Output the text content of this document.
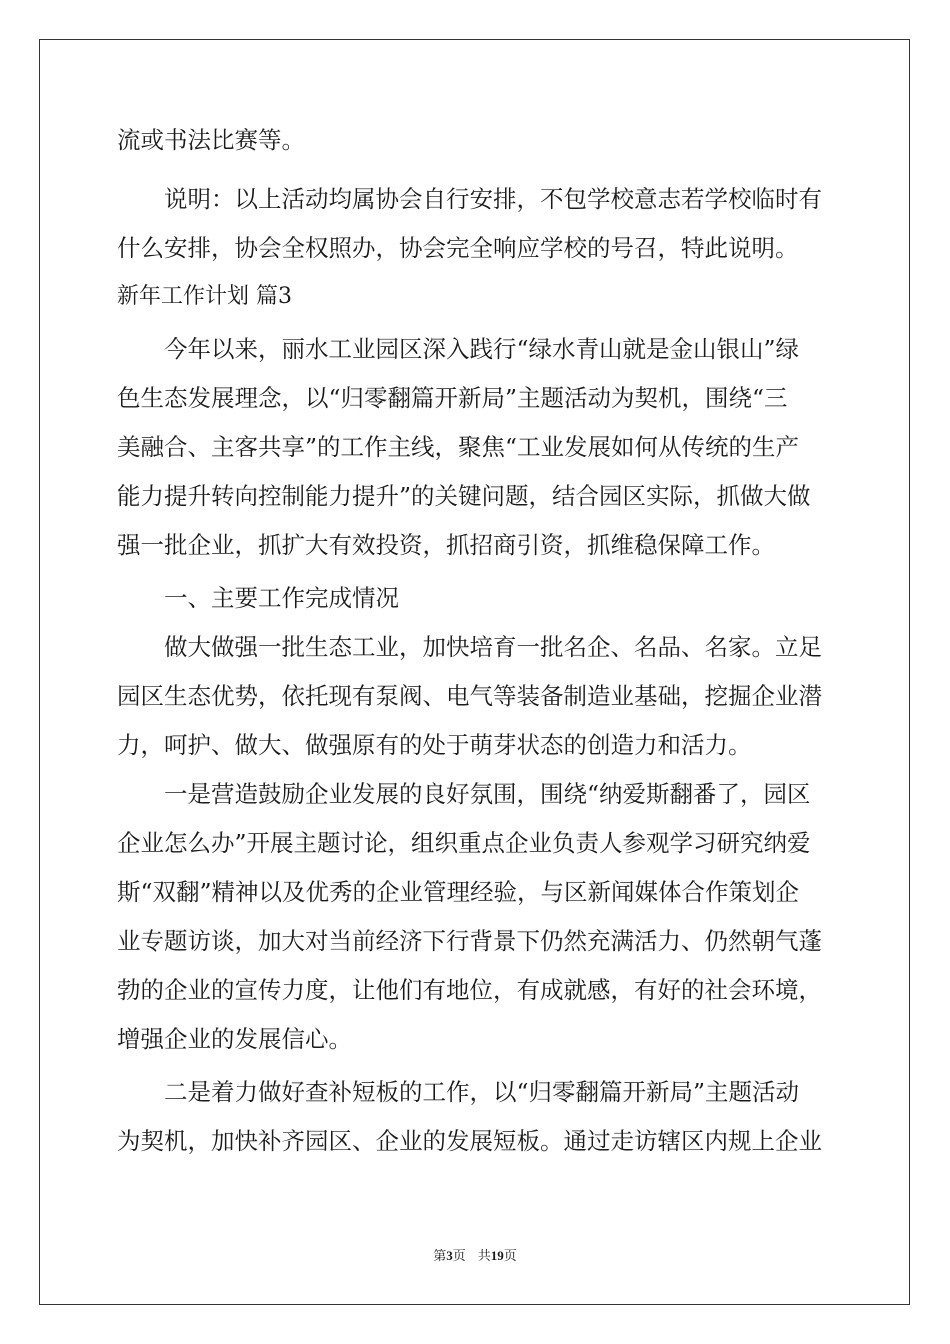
流或书法比赛等。
说明：以上活动均属协会自行安排，不包学校意志若学校临时有
什么安排，协会全权照办，协会完全响应学校的号召，特此说明。
新年工作计划 篇3
今年以来，丽水工业园区深入践行“绿水青山就是金山银山”绿
色生态发展理念，以“归零翻篇开新局”主题活动为契机，围绕“三
美融合、主客共享”的工作主线，聚焦“工业发展如何从传统的生产
能力提升转向控制能力提升”的关键问题，结合园区实际，抓做大做
强一批企业，抓扩大有效投资，抓招商引资，抓维稳保障工作。
一、主要工作完成情况
做大做强一批生态工业，加快培育一批名企、名品、名家。立足
园区生态优势，依托现有泵阀、电气等装备制造业基础，挖掘企业潜
力，呵护、做大、做强原有的处于萌芽状态的创造力和活力。
一是营造鼓励企业发展的良好氛围，围绕“纳爱斯翻番了，园区
企业怎么办”开展主题讨论，组织重点企业负责人参观学习研究纳爱
斯“双翻”精神以及优秀的企业管理经验，与区新闻媒体合作策划企
业专题访谈，加大对当前经济下行背景下仍然充满活力、仍然朝气蓬
勃的企业的宣传力度，让他们有地位，有成就感，有好的社会环境，
增强企业的发展信心。
二是着力做好查补短板的工作，以“归零翻篇开新局”主题活动
为契机，加快补齐园区、企业的发展短板。通过走访辖区内规上企业
第3页 共19页
